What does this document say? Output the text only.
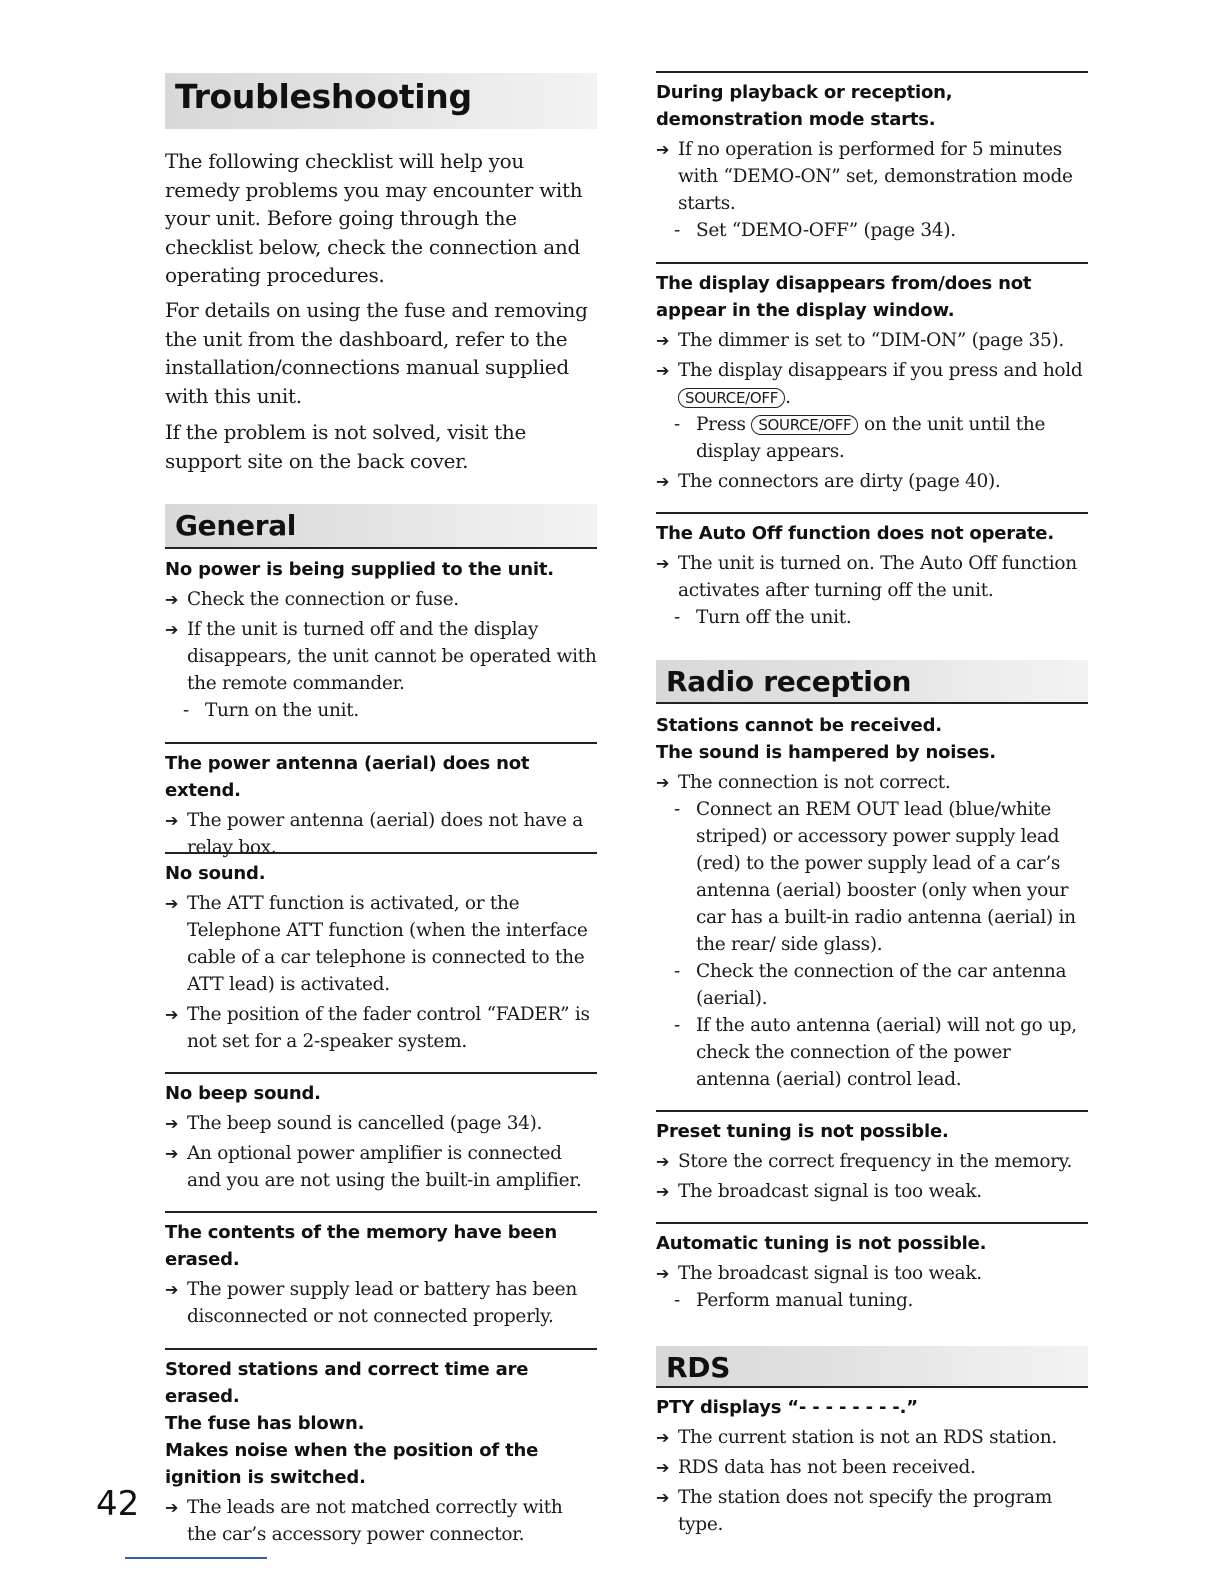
Troubleshooting

The following checklist will help you remedy problems you may encounter with your unit. Before going through the checklist below, check the connection and operating procedures.

For details on using the fuse and removing the unit from the dashboard, refer to the installation/connections manual supplied with this unit.

If the problem is not solved, visit the support site on the back cover.

General

No power is being supplied to the unit.

➔ Check the connection or fuse.

➔ If the unit is turned off and the display disappears, the unit cannot be operated with the remote commander.

- Turn on the unit.

The power antenna (aerial) does not extend.

➔ The power antenna (aerial) does not have a relay box.

No sound.

➔ The ATT function is activated, or the Telephone ATT function (when the interface cable of a car telephone is connected to the ATT lead) is activated.

➔ The position of the fader control “FADER” is not set for a 2-speaker system.

No beep sound.

➔ The beep sound is cancelled (page 34).

➔ An optional power amplifier is connected and you are not using the built-in amplifier.

The contents of the memory have been erased.

➔ The power supply lead or battery has been disconnected or not connected properly.

Stored stations and correct time are erased.

The fuse has blown.

Makes noise when the position of the ignition is switched.

➔ The leads are not matched correctly with the car’s accessory power connector.

During playback or reception, demonstration mode starts.

➔ If no operation is performed for 5 minutes with “DEMO-ON” set, demonstration mode starts.

- Set “DEMO-OFF” (page 34).

The display disappears from/does not appear in the display window.

➔ The dimmer is set to “DIM-ON” (page 35).

➔ The display disappears if you press and hold SOURCE/OFF .

- Press SOURCE/OFF on the unit until the display appears.

➔ The connectors are dirty (page 40).

The Auto Off function does not operate.

➔ The unit is turned on. The Auto Off function activates after turning off the unit.

- Turn off the unit.

Radio reception

Stations cannot be received.

The sound is hampered by noises.

➔ The connection is not correct.

- Connect an REM OUT lead (blue/white striped) or accessory power supply lead (red) to the power supply lead of a car’s antenna (aerial) booster (only when your car has a built-in radio antenna (aerial) in the rear/ side glass).

- Check the connection of the car antenna (aerial).

- If the auto antenna (aerial) will not go up, check the connection of the power antenna (aerial) control lead.

Preset tuning is not possible.

➔ Store the correct frequency in the memory.

➔ The broadcast signal is too weak.

Automatic tuning is not possible.

➔ The broadcast signal is too weak.

- Perform manual tuning.

RDS

PTY displays “- - - - - - - -.”

➔ The current station is not an RDS station.

➔ RDS data has not been received.

➔ The station does not specify the program type.

42
